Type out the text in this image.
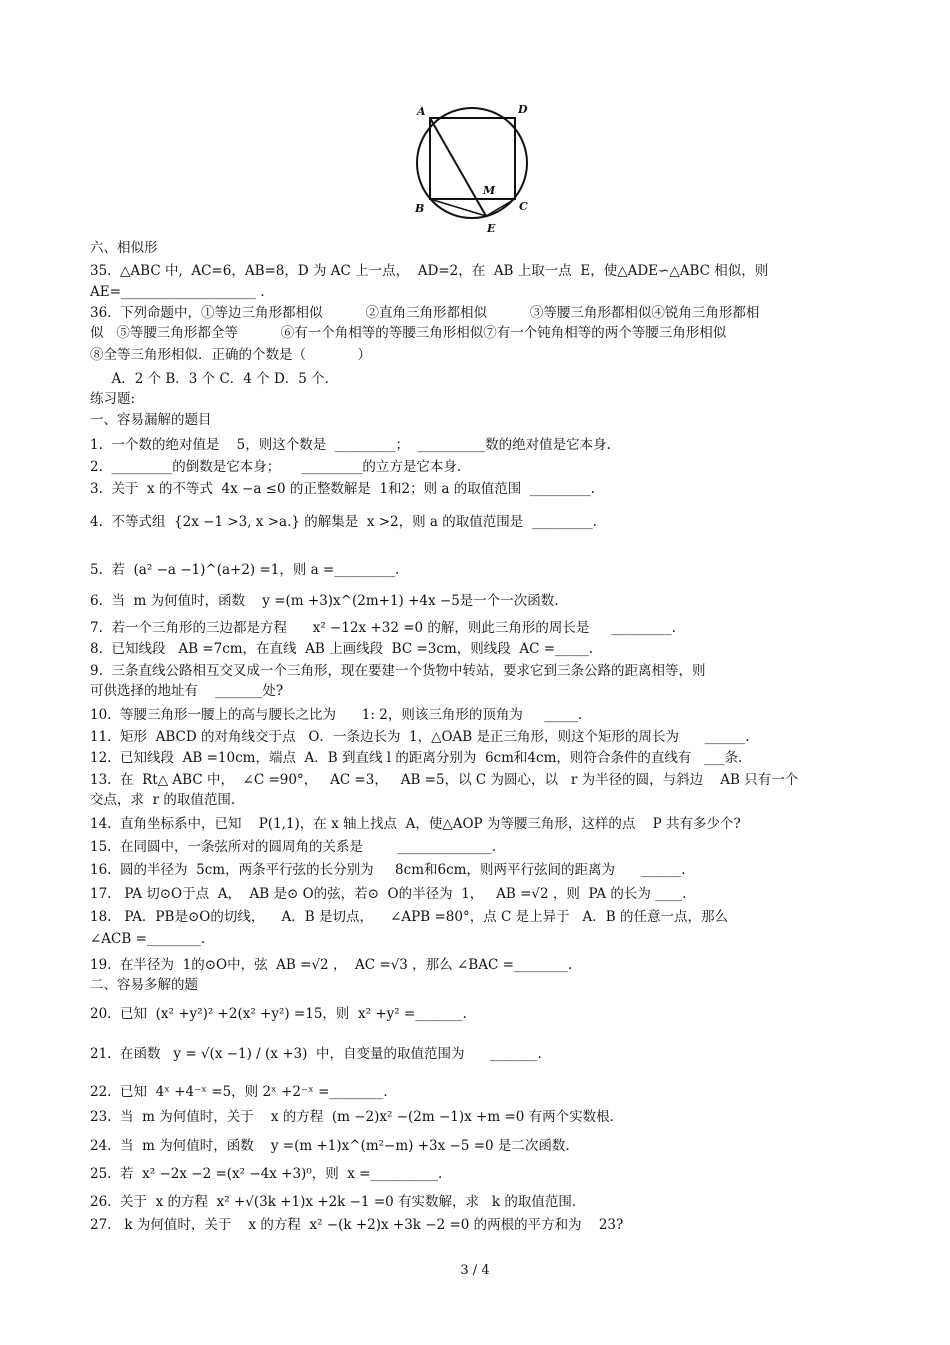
A	D
B	C
M
E
六、相似形
35.  △ABC 中,  AC=6，AB=8，D 为 AC 上一点，  AD=2，在  AB 上取一点  E，使△ADE∽△ABC 相似，则
AE=____________________ .
36.  下列命题中，①等边三角形都相似          ②直角三角形都相似          ③等腰三角形都相似④锐角三角形都相
似   ⑤等腰三角形都全等          ⑥有一个角相等的等腰三角形相似⑦有一个钝角相等的两个等腰三角形相似
⑧全等三角形相似．正确的个数是（            ）
A．2 个 B．3 个 C．4 个 D．5 个.
练习题:
一、容易漏解的题目
1.  一个数的绝对值是    5，则这个数是  _________；  __________数的绝对值是它本身.
2.  _________的倒数是它本身；     _________的立方是它本身.
3.  关于  x 的不等式  4x −a ≤0 的正整数解是  1和2；则 a 的取值范围  _________.
4.  不等式组  {2x −1 >3, x >a.} 的解集是  x >2，则 a 的取值范围是  _________.
5.  若  (a² −a −1)^(a+2) =1，则 a =_________.
6.  当  m 为何值时，函数    y =(m +3)x^(2m+1) +4x −5是一个一次函数.
7.  若一个三角形的三边都是方程      x² −12x +32 =0 的解，则此三角形的周长是     _________.
8.  已知线段   AB =7cm，在直线  AB 上画线段  BC =3cm，则线段  AC =_____.
9.  三条直线公路相互交叉成一个三角形，现在要建一个货物中转站，要求它到三条公路的距离相等，则
可供选择的地址有    _______处?
10.  等腰三角形一腰上的高与腰长之比为      1: 2，则该三角形的顶角为     _____.
11.  矩形  ABCD 的对角线交于点   O．一条边长为  1，△OAB 是正三角形，则这个矩形的周长为      ______.
12.  已知线段  AB =10cm，端点  A．B 到直线 l 的距离分别为  6cm和4cm，则符合条件的直线有   ___条.
13.  在  Rt△ ABC 中，  ∠C =90°，   AC =3，   AB =5，以 C 为圆心，以   r 为半径的圆，与斜边    AB 只有一个
交点，求  r 的取值范围.
14.  直角坐标系中，已知    P(1,1)，在 x 轴上找点  A，使△AOP 为等腰三角形，这样的点    P 共有多少个?
15.  在同圆中，一条弦所对的圆周角的关系是        ______________.
16.  圆的半径为  5cm，两条平行弦的长分别为     8cm和6cm，则两平行弦间的距离为      ______.
17.   PA 切⊙O于点  A，  AB 是⊙ O的弦，若⊙  O的半径为  1，   AB =√2 ，则  PA 的长为 ____.
18.   PA．PB是⊙O的切线，    A．B 是切点，    ∠APB =80°，点 C 是上异于   A．B 的任意一点，那么
∠ACB =________.
19.  在半径为  1的⊙O中，弦  AB =√2 ，  AC =√3 ，那么 ∠BAC =________.
二、容易多解的题
20.  已知  (x² +y²)² +2(x² +y²) =15，则  x² +y² =_______.
21.  在函数   y = √(x −1) / (x +3)  中，自变量的取值范围为      _______.
22.  已知  4ˣ +4⁻ˣ =5，则 2ˣ +2⁻ˣ =________.
23.  当  m 为何值时，关于    x 的方程  (m −2)x² −(2m −1)x +m =0 有两个实数根.
24.  当  m 为何值时，函数    y =(m +1)x^(m²−m) +3x −5 =0 是二次函数.
25.  若  x² −2x −2 =(x² −4x +3)⁰，则  x =__________.
26.  关于  x 的方程  x² +√(3k +1)x +2k −1 =0 有实数解，求   k 的取值范围.
27.   k 为何值时，关于    x 的方程  x² −(k +2)x +3k −2 =0 的两根的平方和为    23?
3 / 4
